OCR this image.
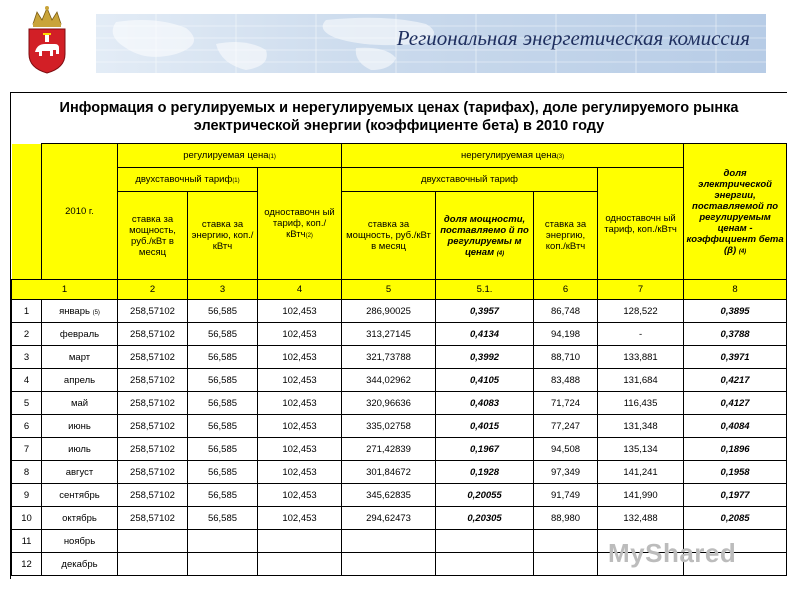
Региональная энергетическая комиссия
Информация о регулируемых и нерегулируемых ценах (тарифах), доле регулируемого рынка
электрической энергии (коэффициенте бета) в 2010 году
	2010 г.	регулируемая цена(1)			нерегулируемая цена(3)				доля электрической энергии, поставляемой по регулируемым ценам - коэффициент бета (β) (4)
		двухставочный тариф(1)		одноставочн ый тариф, коп./кВтч(2)	двухставочный тариф			одноставочн ый тариф, коп./кВтч	
		ставка за мощность, руб./кВт в месяц	ставка за энергию, коп./кВтч		ставка за мощность, руб./кВт в месяц	доля мощности, поставляемо й по регулируемы м ценам (4)	ставка за энергию, коп./кВтч		
1		2	3	4	5	5.1.	6	7	8
1	январь (5)	258,57102	56,585	102,453	286,90025	0,3957	86,748	128,522	0,3895
2	февраль	258,57102	56,585	102,453	313,27145	0,4134	94,198	-	0,3788
3	март	258,57102	56,585	102,453	321,73788	0,3992	88,710	133,881	0,3971
4	апрель	258,57102	56,585	102,453	344,02962	0,4105	83,488	131,684	0,4217
5	май	258,57102	56,585	102,453	320,96636	0,4083	71,724	116,435	0,4127
6	июнь	258,57102	56,585	102,453	335,02758	0,4015	77,247	131,348	0,4084
7	июль	258,57102	56,585	102,453	271,42839	0,1967	94,508	135,134	0,1896
8	август	258,57102	56,585	102,453	301,84672	0,1928	97,349	141,241	0,1958
9	сентябрь	258,57102	56,585	102,453	345,62835	0,20055	91,749	141,990	0,1977
10	октябрь	258,57102	56,585	102,453	294,62473	0,20305	88,980	132,488	0,2085
11	ноябрь								
12	декабрь									MyShared
